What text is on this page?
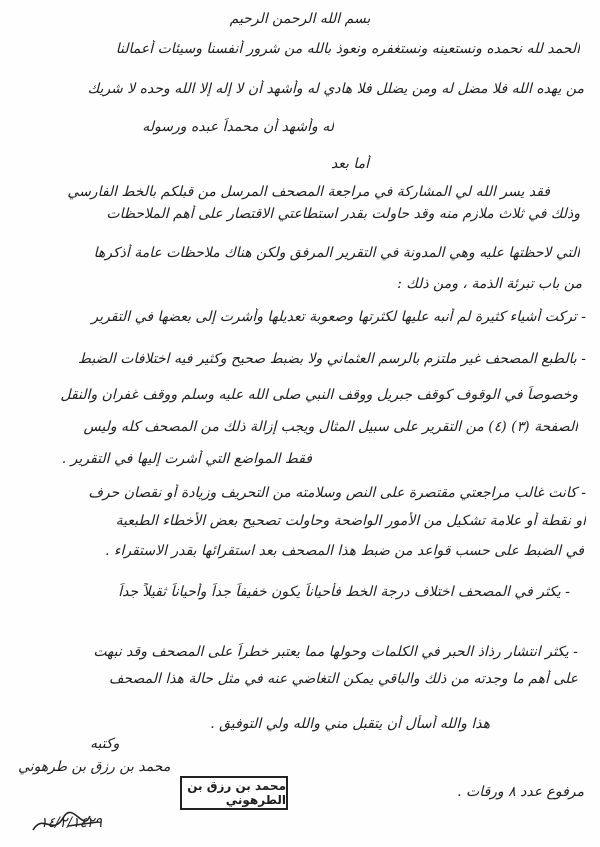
بسم الله الرحمن الرحيم
الحمد لله نحمده ونستعينه ونستغفره ونعوذ بالله من شرور أنفسنا وسيئات أعمالنا
من يهده الله فلا مضل له ومن يضلل فلا هادي له وأشهد أن لا إله إلا الله وحده لا شريك
له وأشهد أن محمداً عبده ورسوله
أما بعد
فقد يسر الله لي المشاركة في مراجعة المصحف المرسل من قبلكم بالخط الفارسي
وذلك في ثلاث ملازم منه وقد حاولت بقدر استطاعتي الاقتصار على أهم الملاحظات
التي لاحظتها عليه وهي المدونة في التقرير المرفق ولكن هناك ملاحظات عامة أذكرها
من باب تبرئة الذمة ، ومن ذلك :
- تركت أشياء كثيرة لم أنبه عليها لكثرتها وصعوبة تعديلها وأشرت إلى بعضها في التقرير
- بالطبع المصحف غير ملتزم بالرسم العثماني ولا بضبط صحيح وكثير فيه اختلافات الضبط
وخصوصاً في الوقوف كوقف جبريل ووقف النبي صلى الله عليه وسلم ووقف غفران والنقل
الصفحة (٣) (٤) من التقرير على سبيل المثال ويجب إزالة ذلك من المصحف كله وليس
فقط المواضع التي أشرت إليها في التقرير .
- كانت غالب مراجعتي مقتصرة على النص وسلامته من التحريف وزيادة أو نقصان حرف
أو نقطة أو علامة تشكيل من الأمور الواضحة وحاولت تصحيح بعض الأخطاء الطبعية
في الضبط على حسب قواعد من ضبط هذا المصحف بعد استقرائها بقدر الاستقراء .
- يكثر في المصحف اختلاف درجة الخط فأحياناً يكون خفيفاً جداً وأحياناً ثقيلاً جداً
- يكثر انتشار رذاذ الحبر في الكلمات وحولها مما يعتبر خطراً على المصحف وقد نبهت
على أهم ما وجدته من ذلك والباقي يمكن التغاضي عنه في مثل حالة هذا المصحف
هذا والله أسأل أن يتقبل مني والله ولي التوفيق .
وكتبه
محمد بن رزق بن طرهوني
١٤/٢/١٤٢٩
محمد بن رزق بن الطرهوني	مرفوع عدد ٨ ورقات .
